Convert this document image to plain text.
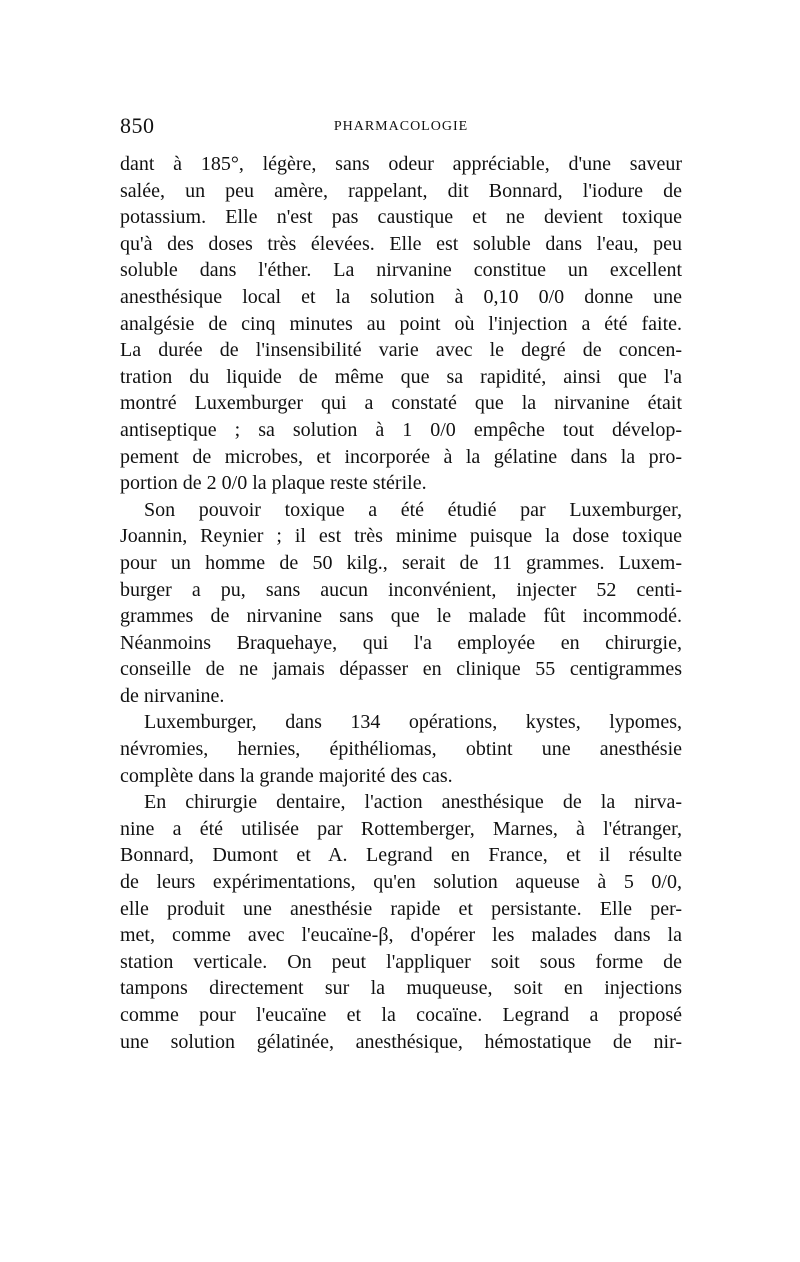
850	PHARMACOLOGIE
dant à 185°, légère, sans odeur appréciable, d'une saveur
salée, un peu amère, rappelant, dit Bonnard, l'iodure de
potassium. Elle n'est pas caustique et ne devient toxique
qu'à des doses très élevées. Elle est soluble dans l'eau, peu
soluble dans l'éther. La nirvanine constitue un excellent
anesthésique local et la solution à 0,10 0/0 donne une
analgésie de cinq minutes au point où l'injection a été faite.
La durée de l'insensibilité varie avec le degré de concen-
tration du liquide de même que sa rapidité, ainsi que l'a
montré Luxemburger qui a constaté que la nirvanine était
antiseptique ; sa solution à 1 0/0 empêche tout dévelop-
pement de microbes, et incorporée à la gélatine dans la pro-
portion de 2 0/0 la plaque reste stérile.
Son pouvoir toxique a été étudié par Luxemburger,
Joannin, Reynier ; il est très minime puisque la dose toxique
pour un homme de 50 kilg., serait de 11 grammes. Luxem-
burger a pu, sans aucun inconvénient, injecter 52 centi-
grammes de nirvanine sans que le malade fût incommodé.
Néanmoins Braquehaye, qui l'a employée en chirurgie,
conseille de ne jamais dépasser en clinique 55 centigrammes
de nirvanine.
Luxemburger, dans 134 opérations, kystes, lypomes,
névromies, hernies, épithéliomas, obtint une anesthésie
complète dans la grande majorité des cas.
En chirurgie dentaire, l'action anesthésique de la nirva-
nine a été utilisée par Rottemberger, Marnes, à l'étranger,
Bonnard, Dumont et A. Legrand en France, et il résulte
de leurs expérimentations, qu'en solution aqueuse à 5 0/0,
elle produit une anesthésie rapide et persistante. Elle per-
met, comme avec l'eucaïne-β, d'opérer les malades dans la
station verticale. On peut l'appliquer soit sous forme de
tampons directement sur la muqueuse, soit en injections
comme pour l'eucaïne et la cocaïne. Legrand a proposé
une solution gélatinée, anesthésique, hémostatique de nir-
